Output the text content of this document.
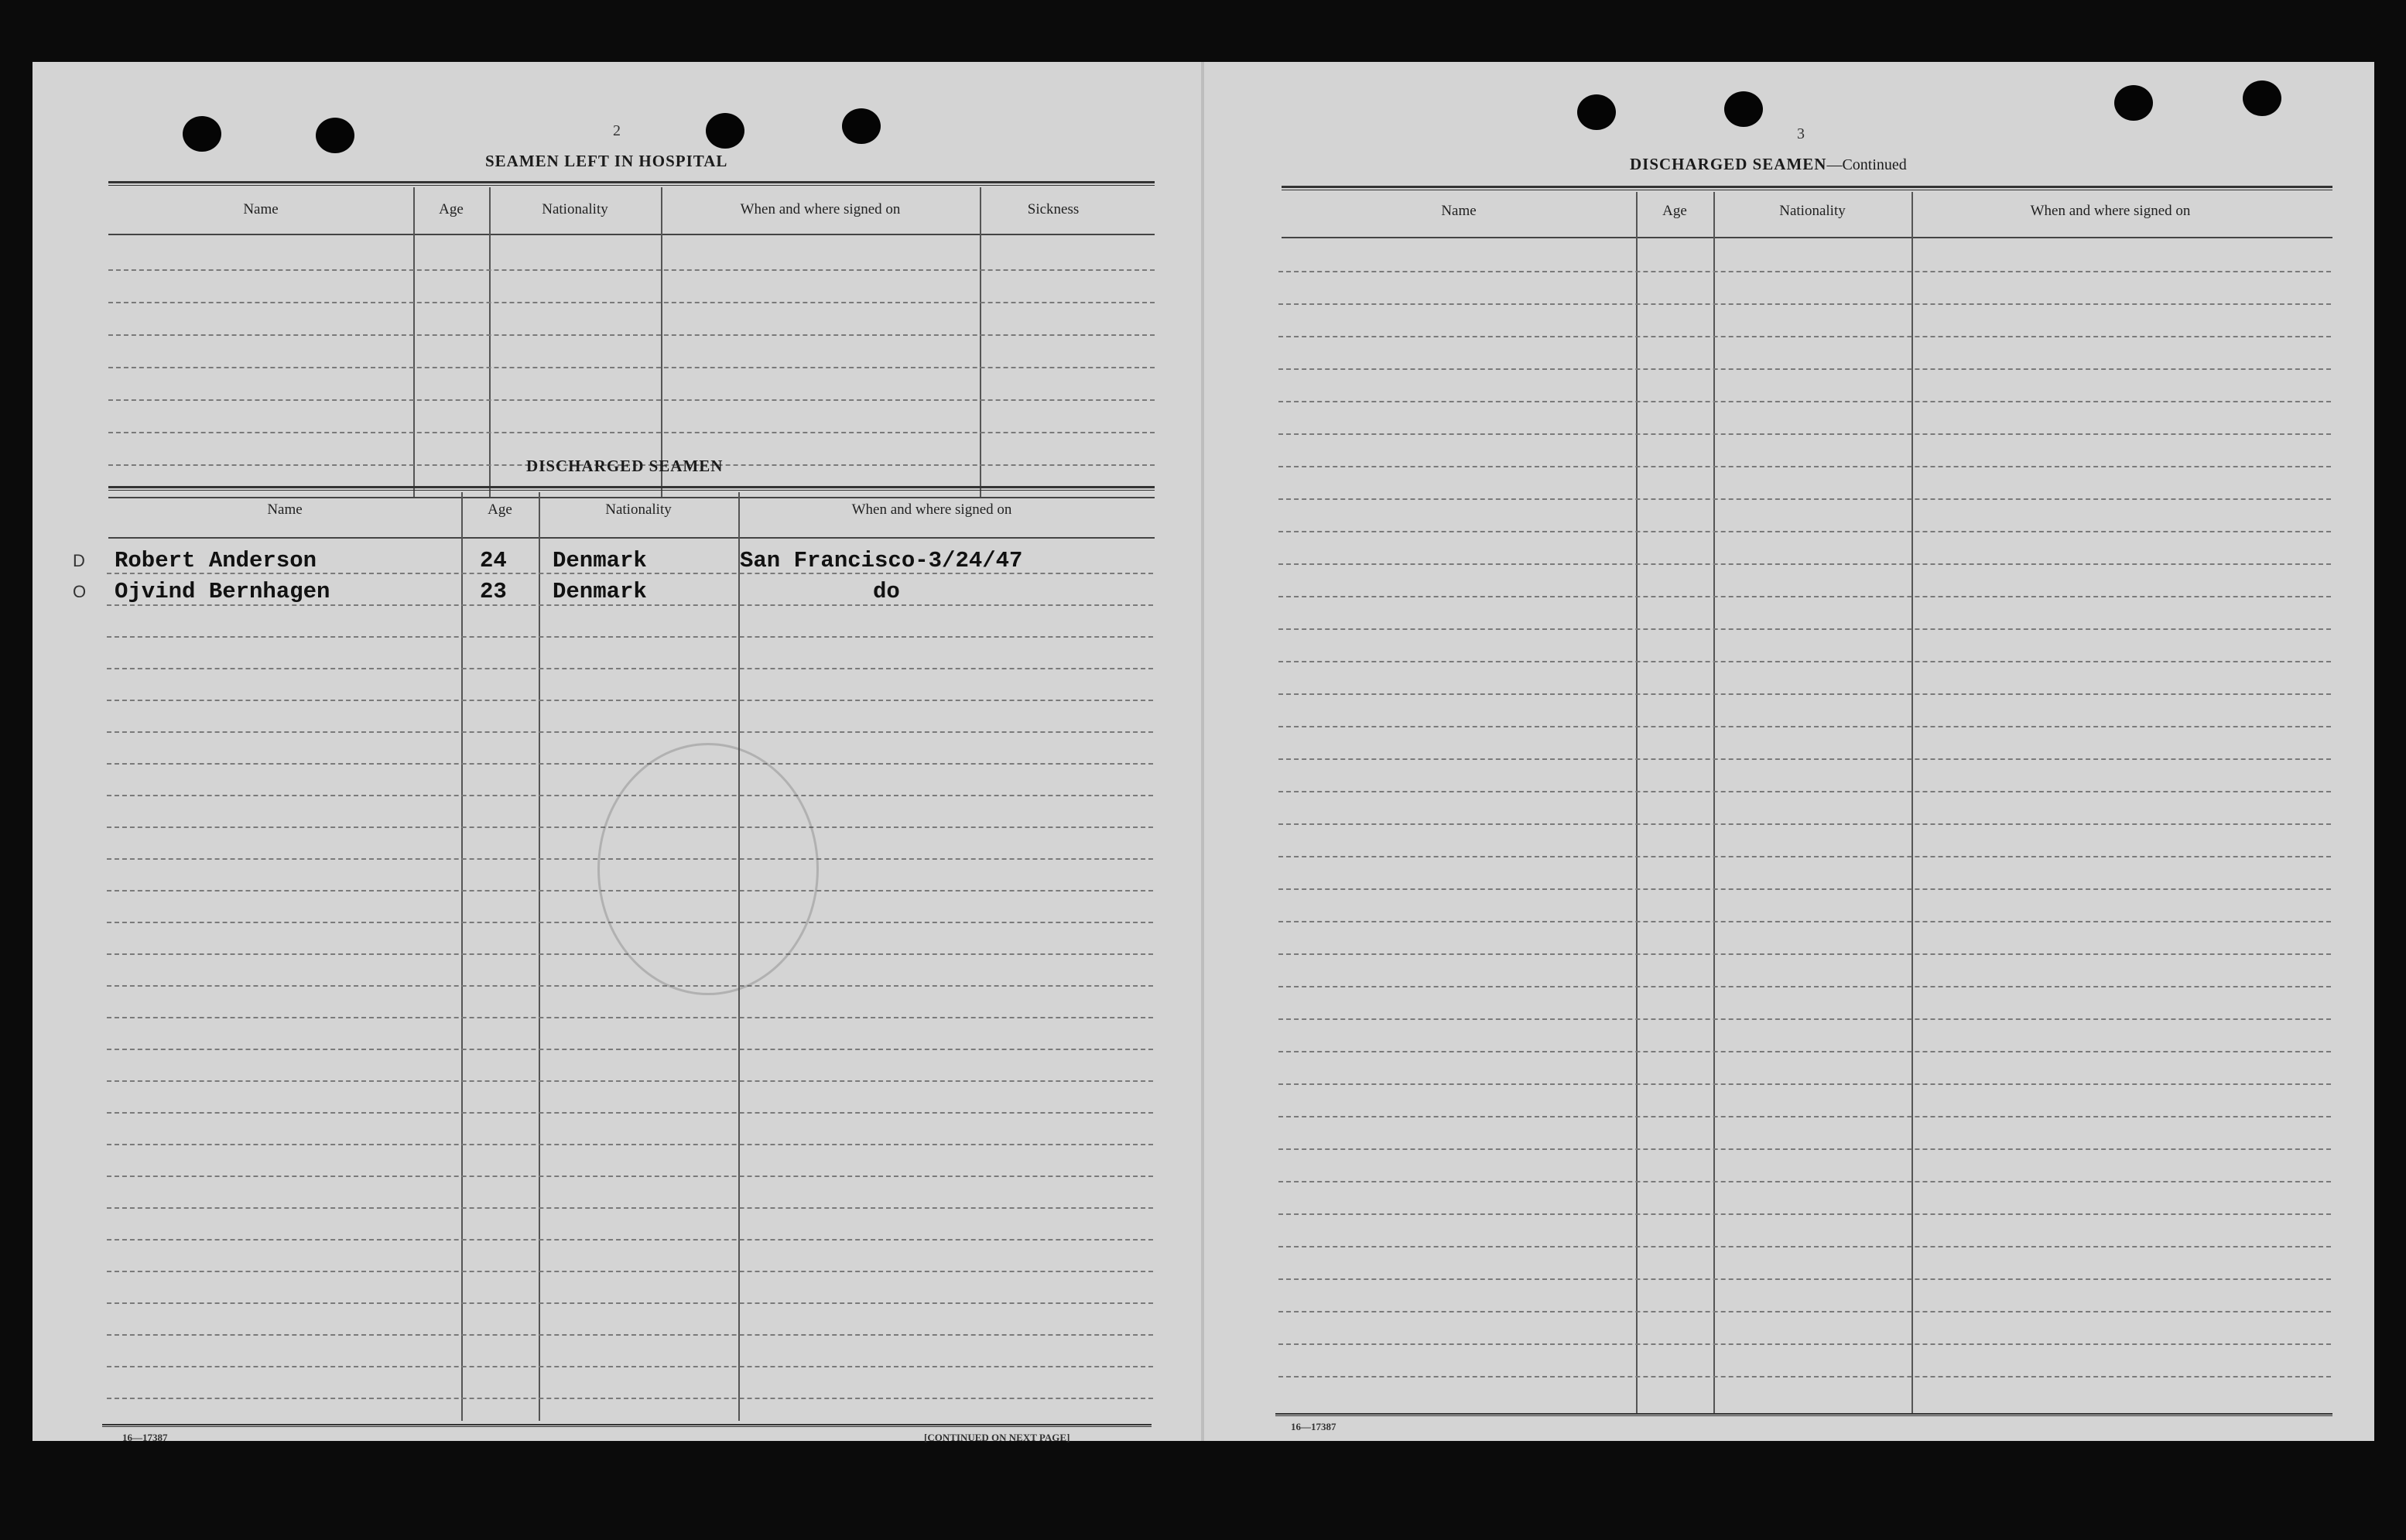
2
SEAMEN LEFT IN HOSPITAL
Name	Age	Nationality	When and where signed on	Sickness
DISCHARGED SEAMEN
Name	Age	Nationality	When and where signed on
D Robert Anderson	24 Denmark	San Francisco-3/24/47
O Ojvind Bernhagen	23 Denmark	do
16—17387	[CONTINUED ON NEXT PAGE]
3
DISCHARGED SEAMEN—Continued
Name	Age	Nationality	When and where signed on
16—17387
